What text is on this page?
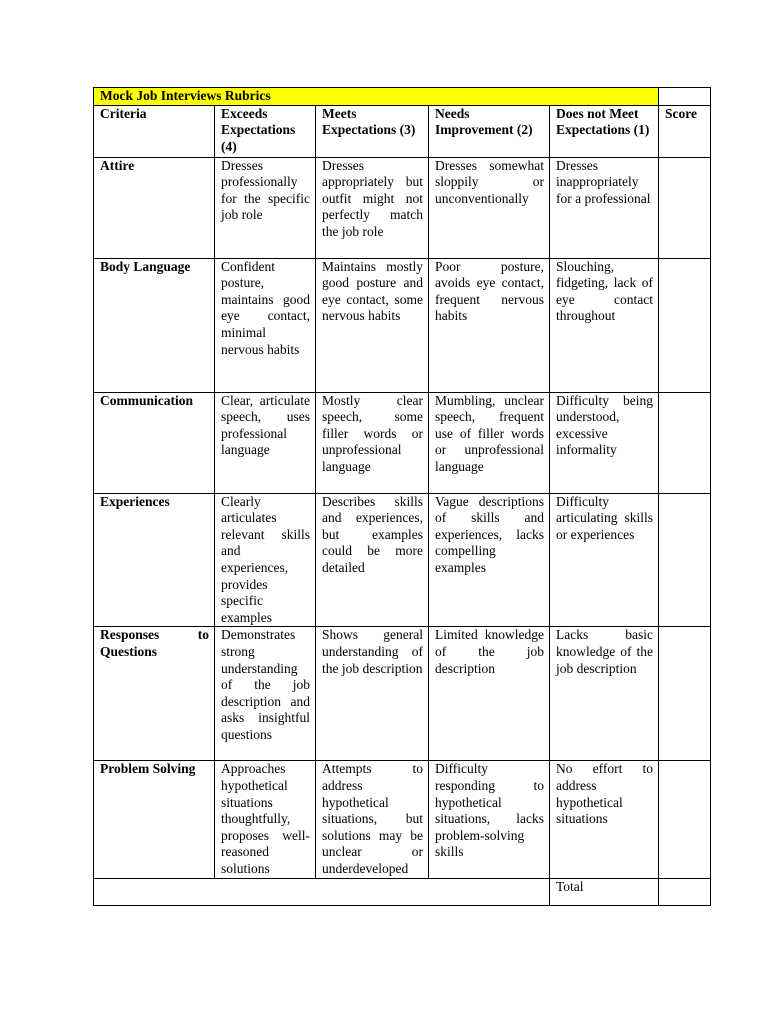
Mock Job Interviews Rubrics					
Criteria	Exceeds Expectations (4)	Meets Expectations (3)	Needs Improvement (2)	Does not Meet Expectations (1)	Score
Attire	Dresses professionally for the specific job role	Dresses appropriately but outfit might not perfectly match the job role	Dresses somewhat sloppily or unconventionally	Dresses inappropriately for a professional	
Body Language	Confident posture, maintains good eye contact, minimal nervous habits	Maintains mostly good posture and eye contact, some nervous habits	Poor posture, avoids eye contact, frequent nervous habits	Slouching, fidgeting, lack of eye contact throughout	
Communication	Clear, articulate speech, uses professional language	Mostly clear speech, some filler words or unprofessional language	Mumbling, unclear speech, frequent use of filler words or unprofessional language	Difficulty being understood, excessive informality	
Experiences	Clearly articulates relevant skills and experiences, provides specific examples	Describes skills and experiences, but examples could be more detailed	Vague descriptions of skills and experiences, lacks compelling examples	Difficulty articulating skills or experiences	
Responses to Questions	Demonstrates strong understanding of the job description and asks insightful questions	Shows general understanding of the job description	Limited knowledge of the job description	Lacks basic knowledge of the job description	
Problem Solving	Approaches hypothetical situations thoughtfully, proposes well-reasoned solutions	Attempts to address hypothetical situations, but solutions may be unclear or underdeveloped	Difficulty responding to hypothetical situations, lacks problem-solving skills	No effort to address hypothetical situations	
				Total	
